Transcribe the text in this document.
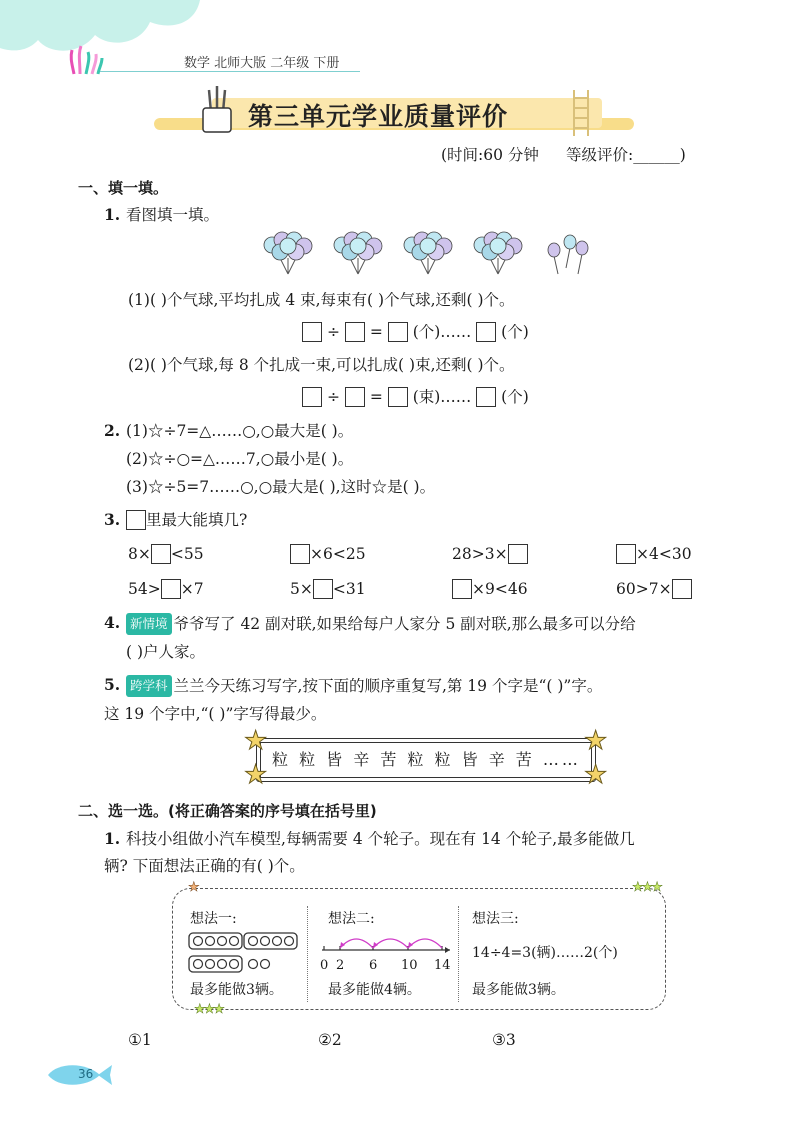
数学 北师大版 二年级 下册
第三单元学业质量评价
(时间:60 分钟 等级评价:______)
一、填一填。
1. 看图填一填。
(1)( )个气球,平均扎成 4 束,每束有( )个气球,还剩( )个。
÷ = (个)…… (个)
(2)( )个气球,每 8 个扎成一束,可以扎成( )束,还剩( )个。
÷ = (束)…… (个)
2. (1)☆÷7=△……○,○最大是( )。
(2)☆÷○=△……7,○最小是( )。
(3)☆÷5=7……○,○最大是( ),这时☆是( )。
3.	里最大能填几?
8× <55	×6<25	28>3×	×4<30
54> ×7	5× <31	×9<46	60>7×
4. 新情境 爷爷写了 42 副对联,如果给每户人家分 5 副对联,那么最多可以分给
( )户人家。
5. 跨学科 兰兰今天练习写字,按下面的顺序重复写,第 19 个字是“( )”字。
这 19 个字中,“( )”字写得最少。
粒 粒 皆 辛 苦 粒 粒 皆 辛 苦 ……
★
★
★
★
二、选一选。(将正确答案的序号填在括号里)
1. 科技小组做小汽车模型,每辆需要 4 个轮子。现在有 14 个轮子,最多能做几
辆? 下面想法正确的有( )个。
★	★★★
★★★
想法一:
最多能做3辆。
想法二:
0 2 6 10 14
最多能做4辆。
想法三:
14÷4=3(辆)……2(个)
最多能做3辆。
①1	②2	③3
36
